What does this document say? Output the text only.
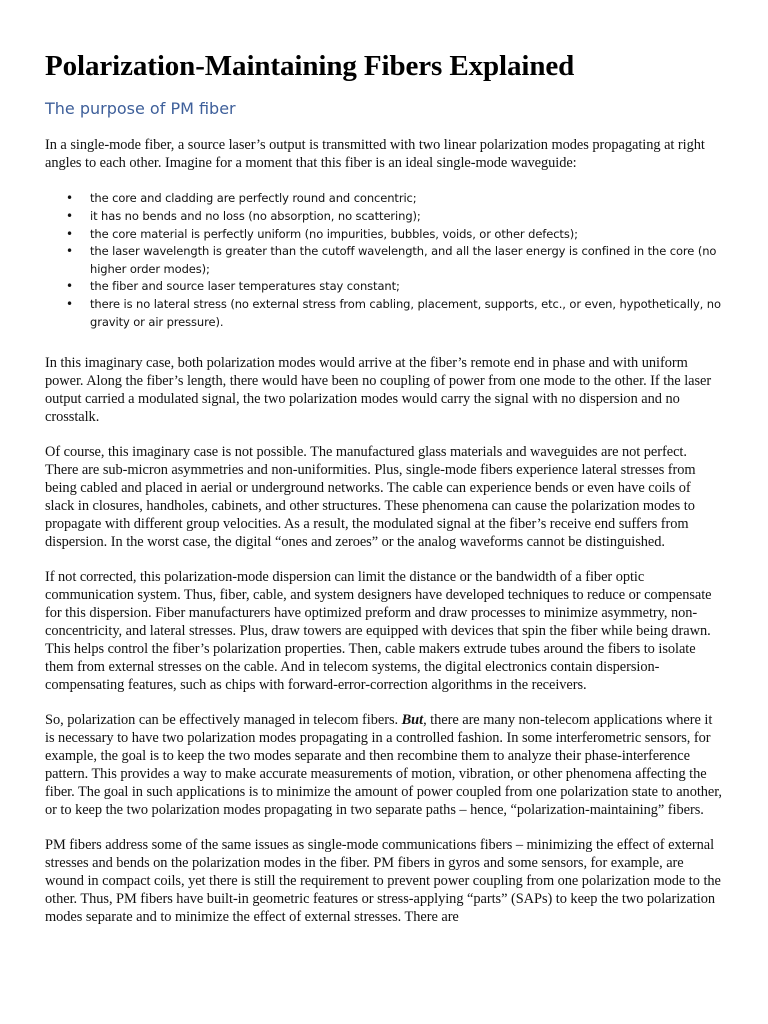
Polarization-Maintaining Fibers Explained
The purpose of PM fiber

In a single-mode fiber, a source laser’s output is transmitted with two linear polarization modes propagating at right angles to each other. Imagine for a moment that this fiber is an ideal single-mode waveguide:

• the core and cladding are perfectly round and concentric;
• it has no bends and no loss (no absorption, no scattering);
• the core material is perfectly uniform (no impurities, bubbles, voids, or other defects);
• the laser wavelength is greater than the cutoff wavelength, and all the laser energy is confined in the core (no higher order modes);
• the fiber and source laser temperatures stay constant;
• there is no lateral stress (no external stress from cabling, placement, supports, etc., or even, hypothetically, no gravity or air pressure).

In this imaginary case, both polarization modes would arrive at the fiber’s remote end in phase and with uniform power. Along the fiber’s length, there would have been no coupling of power from one mode to the other. If the laser output carried a modulated signal, the two polarization modes would carry the signal with no dispersion and no crosstalk.

Of course, this imaginary case is not possible. The manufactured glass materials and waveguides are not perfect. There are sub-micron asymmetries and non-uniformities. Plus, single-mode fibers experience lateral stresses from being cabled and placed in aerial or underground networks. The cable can experience bends or even have coils of slack in closures, handholes, cabinets, and other structures. These phenomena can cause the polarization modes to propagate with different group velocities. As a result, the modulated signal at the fiber’s receive end suffers from dispersion. In the worst case, the digital “ones and zeroes” or the analog waveforms cannot be distinguished.

If not corrected, this polarization-mode dispersion can limit the distance or the bandwidth of a fiber optic communication system. Thus, fiber, cable, and system designers have developed techniques to reduce or compensate for this dispersion. Fiber manufacturers have optimized preform and draw processes to minimize asymmetry, non-concentricity, and lateral stresses. Plus, draw towers are equipped with devices that spin the fiber while being drawn. This helps control the fiber’s polarization properties. Then, cable makers extrude tubes around the fibers to isolate them from external stresses on the cable. And in telecom systems, the digital electronics contain dispersion-compensating features, such as chips with forward-error-correction algorithms in the receivers.

So, polarization can be effectively managed in telecom fibers. But, there are many non-telecom applications where it is necessary to have two polarization modes propagating in a controlled fashion. In some interferometric sensors, for example, the goal is to keep the two modes separate and then recombine them to analyze their phase-interference pattern. This provides a way to make accurate measurements of motion, vibration, or other phenomena affecting the fiber. The goal in such applications is to minimize the amount of power coupled from one polarization state to another, or to keep the two polarization modes propagating in two separate paths – hence, “polarization-maintaining” fibers.

PM fibers address some of the same issues as single-mode communications fibers – minimizing the effect of external stresses and bends on the polarization modes in the fiber. PM fibers in gyros and some sensors, for example, are wound in compact coils, yet there is still the requirement to prevent power coupling from one polarization mode to the other. Thus, PM fibers have built-in geometric features or stress-applying “parts” (SAPs) to keep the two polarization modes separate and to minimize the effect of external stresses. There are
